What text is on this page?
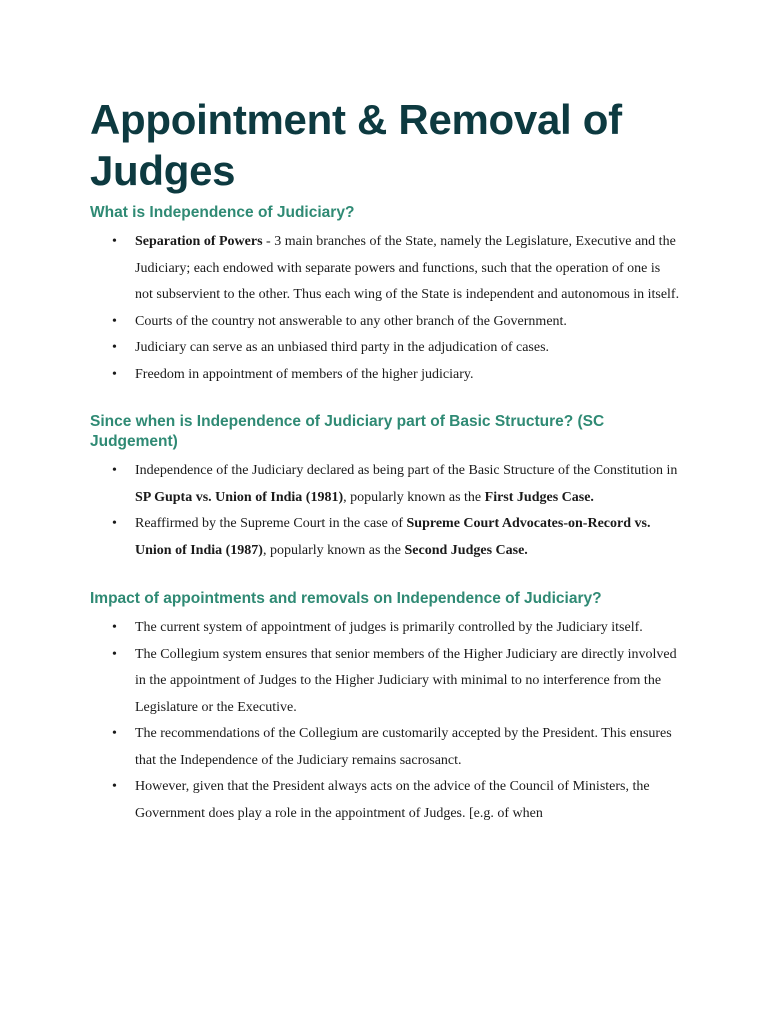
Appointment & Removal of Judges
What is Independence of Judiciary?
• Separation of Powers - 3 main branches of the State, namely the Legislature, Executive and the Judiciary; each endowed with separate powers and functions, such that the operation of one is not subservient to the other. Thus each wing of the State is independent and autonomous in itself.
• Courts of the country not answerable to any other branch of the Government.
• Judiciary can serve as an unbiased third party in the adjudication of cases.
• Freedom in appointment of members of the higher judiciary.
Since when is Independence of Judiciary part of Basic Structure? (SC Judgement)
• Independence of the Judiciary declared as being part of the Basic Structure of the Constitution in SP Gupta vs. Union of India (1981), popularly known as the First Judges Case.
• Reaffirmed by the Supreme Court in the case of Supreme Court Advocates-on-Record vs. Union of India (1987), popularly known as the Second Judges Case.
Impact of appointments and removals on Independence of Judiciary?
• The current system of appointment of judges is primarily controlled by the Judiciary itself.
• The Collegium system ensures that senior members of the Higher Judiciary are directly involved in the appointment of Judges to the Higher Judiciary with minimal to no interference from the Legislature or the Executive.
• The recommendations of the Collegium are customarily accepted by the President. This ensures that the Independence of the Judiciary remains sacrosanct.
• However, given that the President always acts on the advice of the Council of Ministers, the Government does play a role in the appointment of Judges. [e.g. of when
